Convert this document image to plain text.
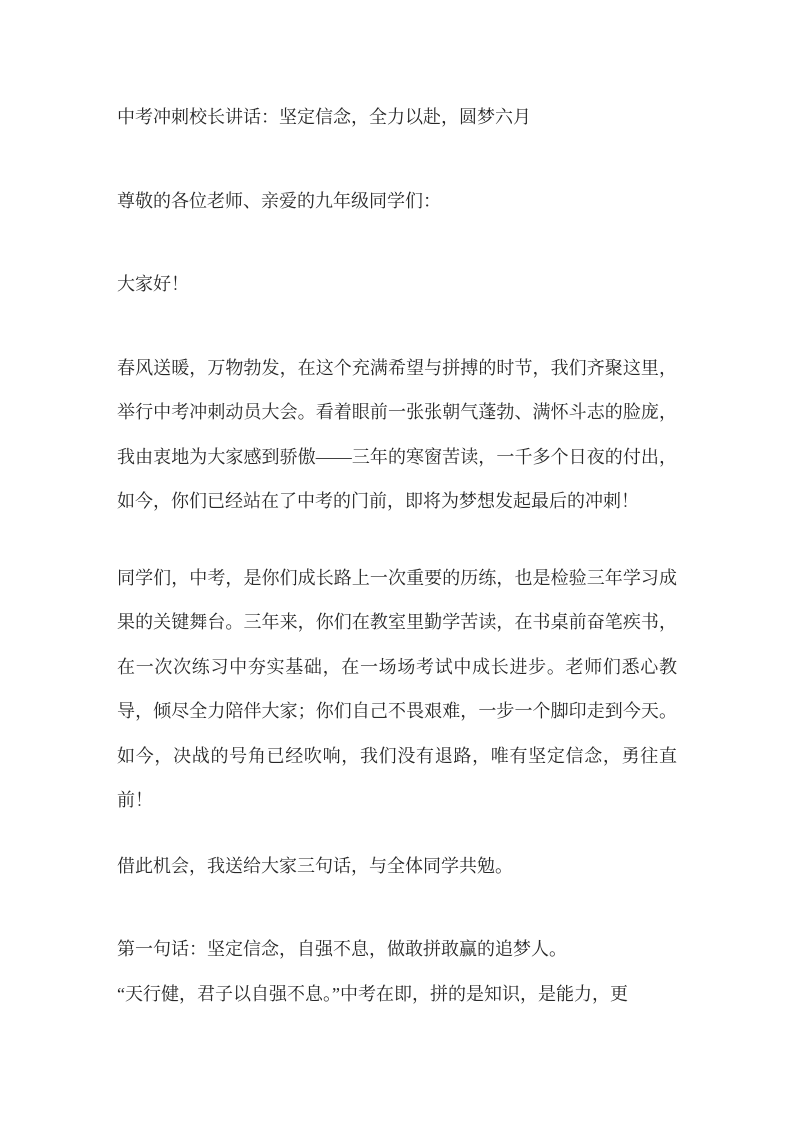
中考冲刺校长讲话：坚定信念，全力以赴，圆梦六月

尊敬的各位老师、亲爱的九年级同学们：

大家好！

春风送暖，万物勃发，在这个充满希望与拼搏的时节，我们齐聚这里，举行中考冲刺动员大会。看着眼前一张张朝气蓬勃、满怀斗志的脸庞，我由衷地为大家感到骄傲——三年的寒窗苦读，一千多个日夜的付出，如今，你们已经站在了中考的门前，即将为梦想发起最后的冲刺！

同学们，中考，是你们成长路上一次重要的历练，也是检验三年学习成果的关键舞台。三年来，你们在教室里勤学苦读，在书桌前奋笔疾书，在一次次练习中夯实基础，在一场场考试中成长进步。老师们悉心教导，倾尽全力陪伴大家；你们自己不畏艰难，一步一个脚印走到今天。如今，决战的号角已经吹响，我们没有退路，唯有坚定信念，勇往直前！

借此机会，我送给大家三句话，与全体同学共勉。

第一句话：坚定信念，自强不息，做敢拼敢赢的追梦人。

“天行健，君子以自强不息。”中考在即，拼的是知识，是能力，更
